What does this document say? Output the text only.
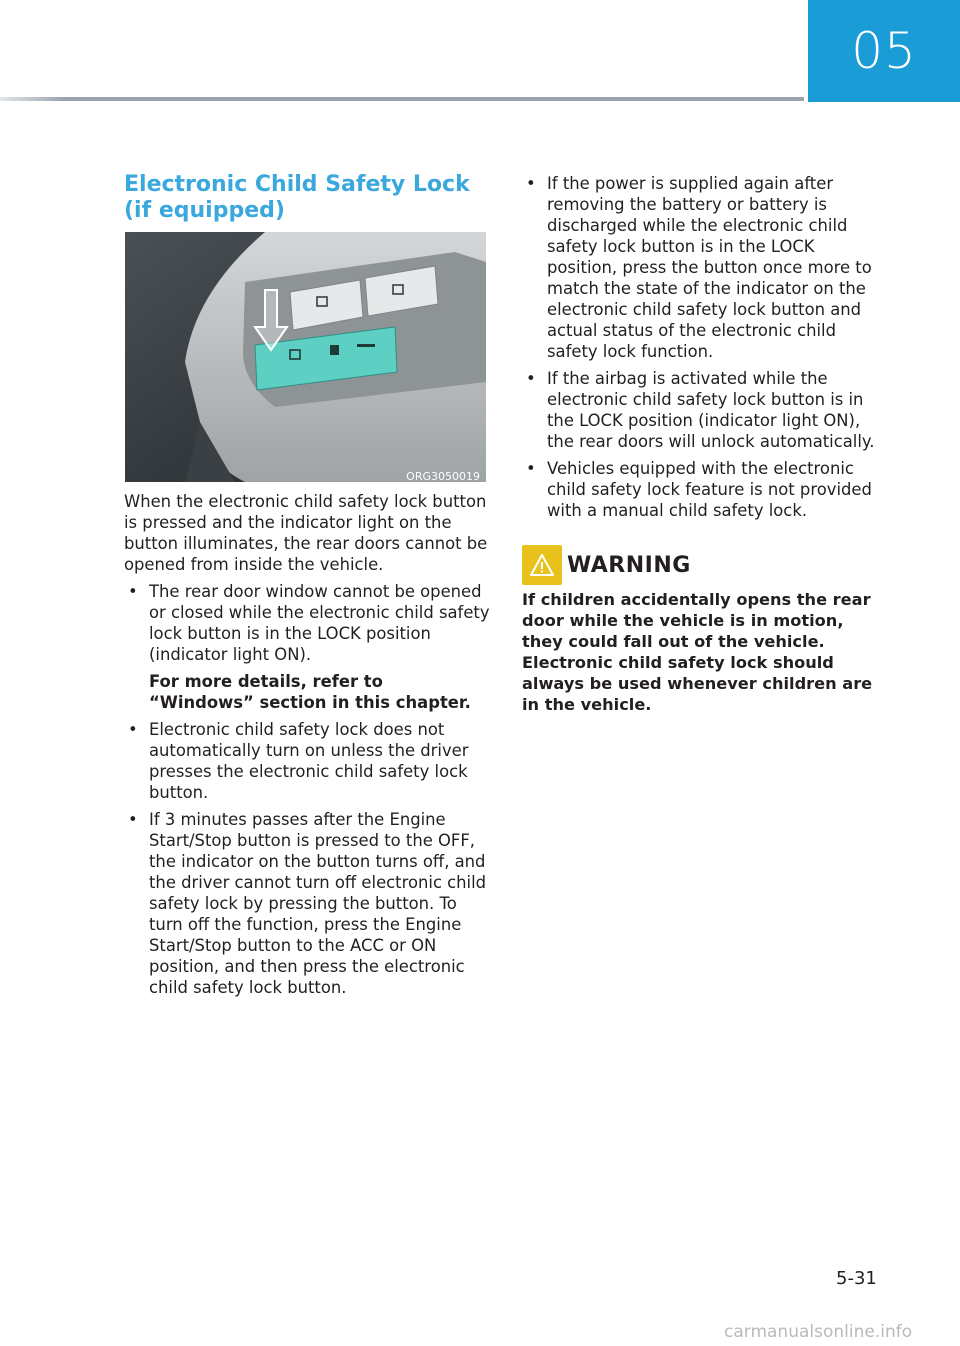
05
Electronic Child Safety Lock
(if equipped)
ORG3050019

When the electronic child safety lock button is pressed and the indicator light on the button illuminates, the rear doors cannot be opened from inside the vehicle.

• The rear door window cannot be opened or closed while the electronic child safety lock button is in the LOCK position (indicator light ON).

For more details, refer to “Windows” section in this chapter.

• Electronic child safety lock does not automatically turn on unless the driver presses the electronic child safety lock button.
• If 3 minutes passes after the Engine Start/Stop button is pressed to the OFF, the indicator on the button turns off, and the driver cannot turn off electronic child safety lock by pressing the button. To turn off the function, press the Engine Start/Stop button to the ACC or ON position, and then press the electronic child safety lock button.
• If the power is supplied again after removing the battery or battery is discharged while the electronic child safety lock button is in the LOCK position, press the button once more to match the state of the indicator on the electronic child safety lock button and actual status of the electronic child safety lock function.
• If the airbag is activated while the electronic child safety lock button is in the LOCK position (indicator light ON), the rear doors will unlock automatically.
• Vehicles equipped with the electronic child safety lock feature is not provided with a manual child safety lock.
WARNING

If children accidentally opens the rear door while the vehicle is in motion, they could fall out of the vehicle. Electronic child safety lock should always be used whenever children are in the vehicle.

5-31
carmanualsonline.info
